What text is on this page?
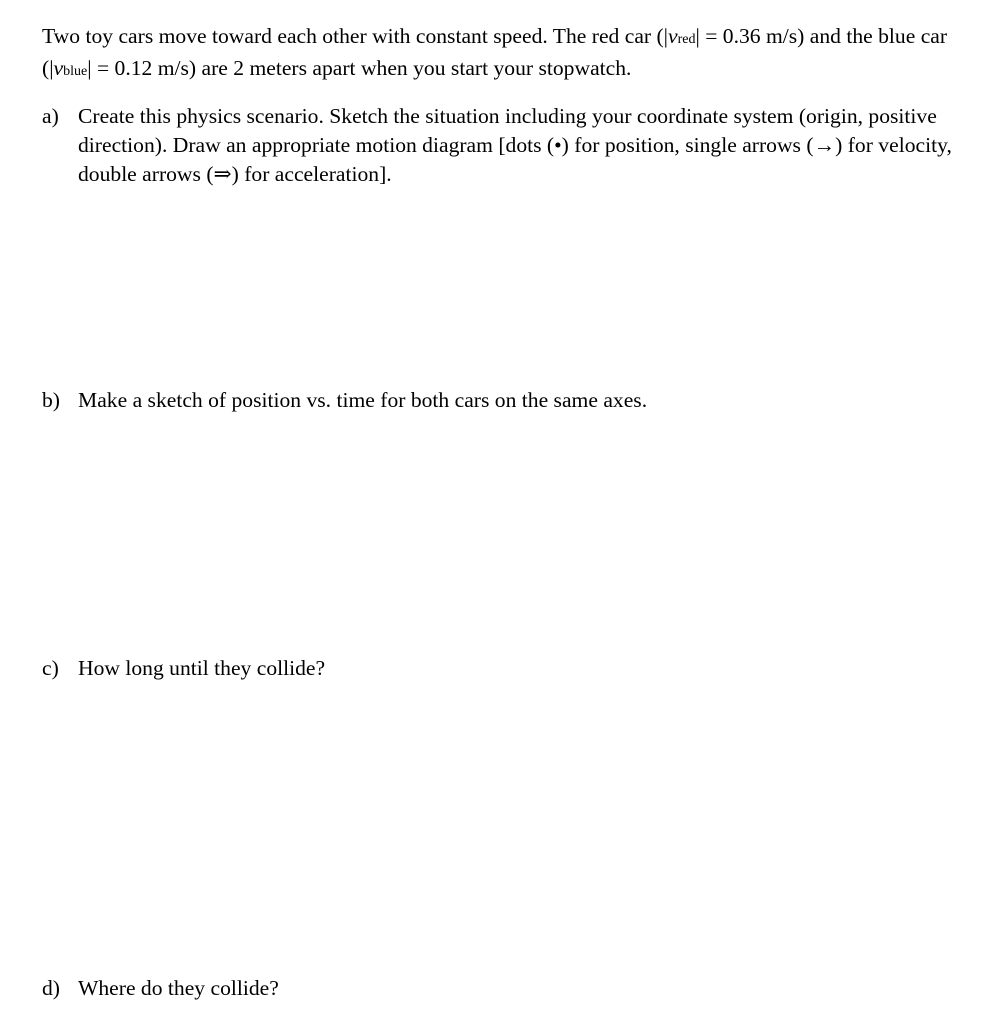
Two toy cars move toward each other with constant speed. The red car (|vred| = 0.36 m/s) and the blue car (|vblue| = 0.12 m/s) are 2 meters apart when you start your stopwatch.
a) Create this physics scenario. Sketch the situation including your coordinate system (origin, positive direction). Draw an appropriate motion diagram [dots (•) for position, single arrows (→) for velocity, double arrows (⇒) for acceleration].
b) Make a sketch of position vs. time for both cars on the same axes.
c) How long until they collide?
d) Where do they collide?
